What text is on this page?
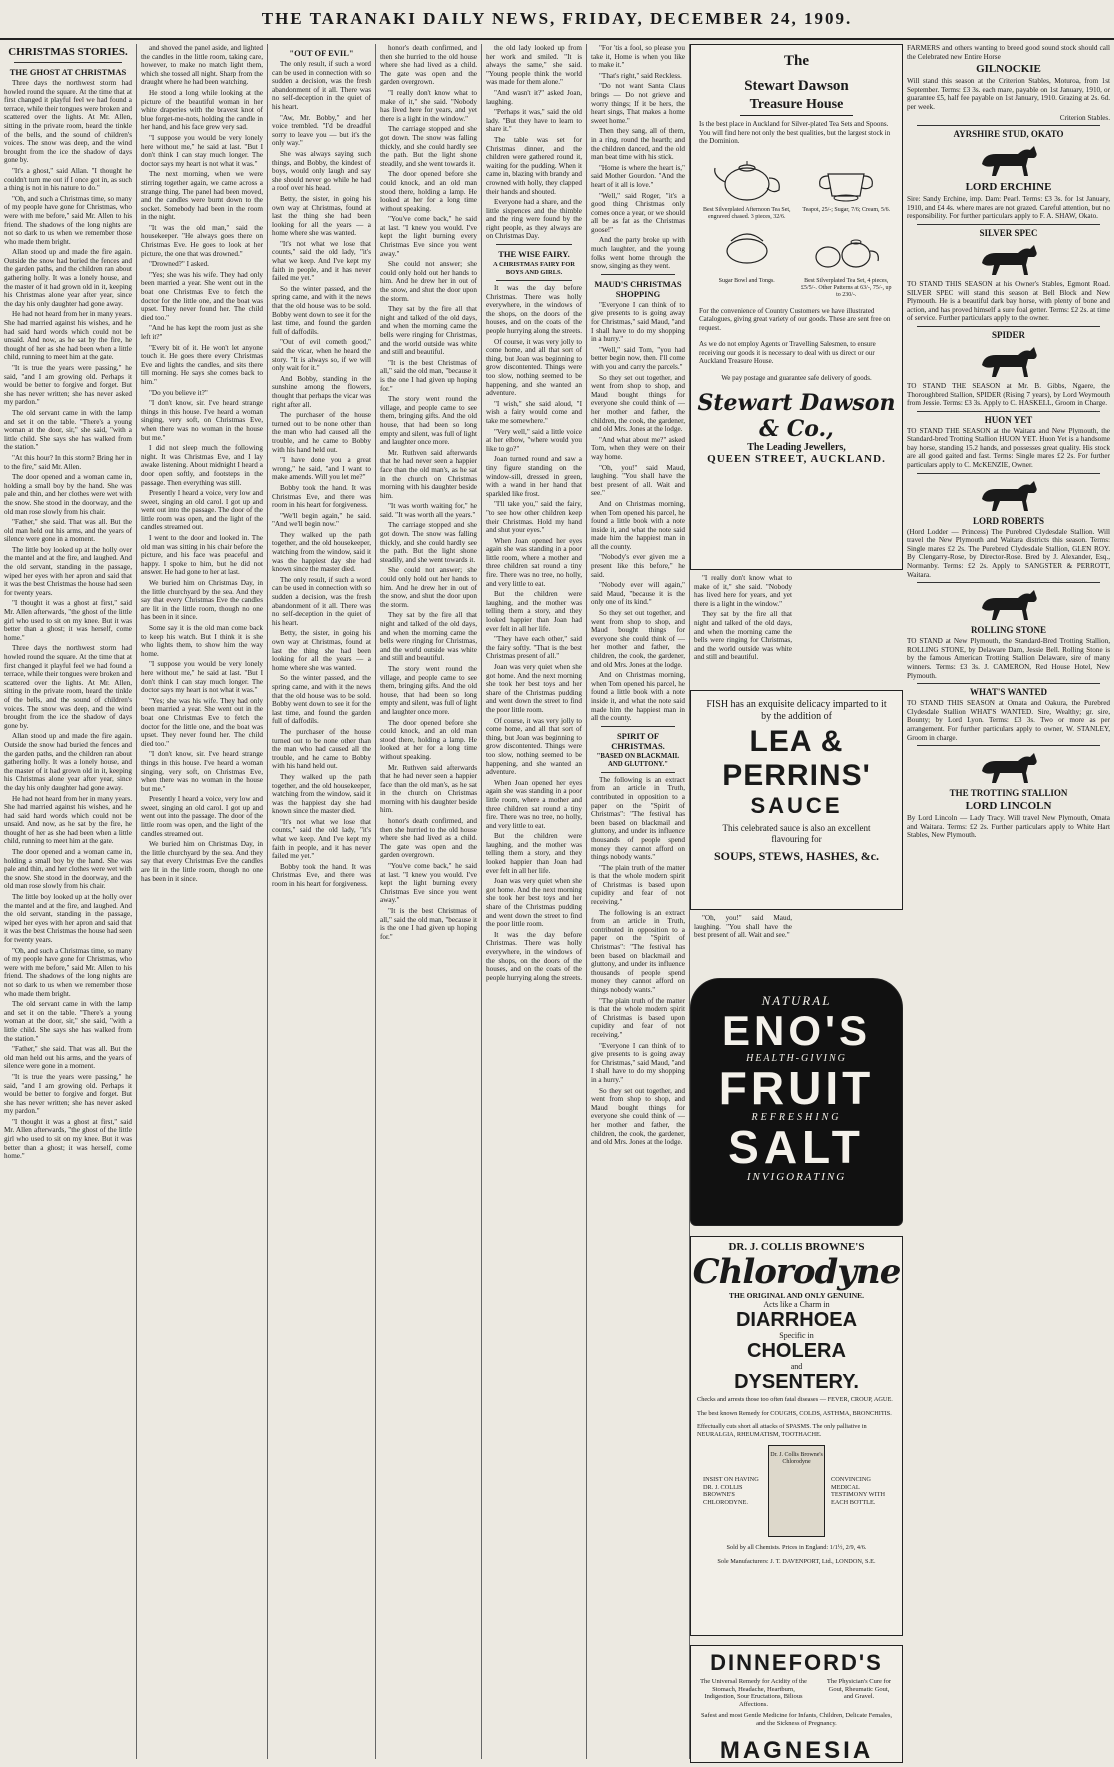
THE TARANAKI DAILY NEWS, FRIDAY, DECEMBER 24, 1909.
CHRISTMAS STORIES.
THE GHOST AT CHRISTMAS

Three days the northwest storm had howled round the square. At the time that at first changed it playful feel we had found a terrace, while their tongues were broken and scattered over the lights. At Mr. Allen, sitting in the private room, heard the tinkle of the bells, and the sound of children's voices. The snow was deep, and the wind brought from the ice the shadow of days gone by.

"It's a ghost," said Allan. "I thought he couldn't turn me out if I once got in, as such a thing is not in his nature to do."

"Oh, and such a Christmas time, so many of my people have gone for Christmas, who were with me before," said Mr. Allen to his friend. The shadows of the long nights are not so dark to us when we remember those who made them bright.

Allan stood up and made the fire again. Outside the snow had buried the fences and the garden paths, and the children ran about gathering holly. It was a lonely house, and the master of it had grown old in it, keeping his Christmas alone year after year, since the day his only daughter had gone away.

He had not heard from her in many years. She had married against his wishes, and he had said hard words which could not be unsaid. And now, as he sat by the fire, he thought of her as she had been when a little child, running to meet him at the gate.

"It is true the years were passing," he said, "and I am growing old. Perhaps it would be better to forgive and forget. But she has never written; she has never asked my pardon."

The old servant came in with the lamp and set it on the table. "There's a young woman at the door, sir," she said, "with a little child. She says she has walked from the station."

"At this hour? In this storm? Bring her in to the fire," said Mr. Allen.

The door opened and a woman came in, holding a small boy by the hand. She was pale and thin, and her clothes were wet with the snow. She stood in the doorway, and the old man rose slowly from his chair.

"Father," she said. That was all. But the old man held out his arms, and the years of silence were gone in a moment.

The little boy looked up at the holly over the mantel and at the fire, and laughed. And the old servant, standing in the passage, wiped her eyes with her apron and said that it was the best Christmas the house had seen for twenty years.

"I thought it was a ghost at first," said Mr. Allen afterwards, "the ghost of the little girl who used to sit on my knee. But it was better than a ghost; it was herself, come home."

Three days the northwest storm had howled round the square. At the time that at first changed it playful feel we had found a terrace, while their tongues were broken and scattered over the lights. At Mr. Allen, sitting in the private room, heard the tinkle of the bells, and the sound of children's voices. The snow was deep, and the wind brought from the ice the shadow of days gone by.

Allan stood up and made the fire again. Outside the snow had buried the fences and the garden paths, and the children ran about gathering holly. It was a lonely house, and the master of it had grown old in it, keeping his Christmas alone year after year, since the day his only daughter had gone away.

He had not heard from her in many years. She had married against his wishes, and he had said hard words which could not be unsaid. And now, as he sat by the fire, he thought of her as she had been when a little child, running to meet him at the gate.

The door opened and a woman came in, holding a small boy by the hand. She was pale and thin, and her clothes were wet with the snow. She stood in the doorway, and the old man rose slowly from his chair.

The little boy looked up at the holly over the mantel and at the fire, and laughed. And the old servant, standing in the passage, wiped her eyes with her apron and said that it was the best Christmas the house had seen for twenty years.

"Oh, and such a Christmas time, so many of my people have gone for Christmas, who were with me before," said Mr. Allen to his friend. The shadows of the long nights are not so dark to us when we remember those who made them bright.

The old servant came in with the lamp and set it on the table. "There's a young woman at the door, sir," she said, "with a little child. She says she has walked from the station."

"Father," she said. That was all. But the old man held out his arms, and the years of silence were gone in a moment.

"It is true the years were passing," he said, "and I am growing old. Perhaps it would be better to forgive and forget. But she has never written; she has never asked my pardon."

"I thought it was a ghost at first," said Mr. Allen afterwards, "the ghost of the little girl who used to sit on my knee. But it was better than a ghost; it was herself, come home."

and shoved the panel aside, and lighted the candles in the little room, taking care, however, to make no match light them, which she tossed all night. Sharp from the draught where he had been watching.

He stood a long while looking at the picture of the beautiful woman in her white draperies with the bravest knot of blue forget-me-nots, holding the candle in her hand, and his face grew very sad.

"I suppose you would be very lonely here without me," he said at last. "But I don't think I can stay much longer. The doctor says my heart is not what it was."

The next morning, when we were stirring together again, we came across a strange thing. The panel had been moved, and the candles were burnt down to the socket. Somebody had been in the room in the night.

"It was the old man," said the housekeeper. "He always goes there on Christmas Eve. He goes to look at her picture, the one that was drowned."

"Drowned?" I asked.

"Yes; she was his wife. They had only been married a year. She went out in the boat one Christmas Eve to fetch the doctor for the little one, and the boat was upset. They never found her. The child died too."

"And he has kept the room just as she left it?"

"Every bit of it. He won't let anyone touch it. He goes there every Christmas Eve and lights the candles, and sits there till morning. He says she comes back to him."

"Do you believe it?"

"I don't know, sir. I've heard strange things in this house. I've heard a woman singing, very soft, on Christmas Eve, when there was no woman in the house but me."

I did not sleep much the following night. It was Christmas Eve, and I lay awake listening. About midnight I heard a door open softly, and footsteps in the passage. Then everything was still.

Presently I heard a voice, very low and sweet, singing an old carol. I got up and went out into the passage. The door of the little room was open, and the light of the candles streamed out.

I went to the door and looked in. The old man was sitting in his chair before the picture, and his face was peaceful and happy. I spoke to him, but he did not answer. He had gone to her at last.

We buried him on Christmas Day, in the little churchyard by the sea. And they say that every Christmas Eve the candles are lit in the little room, though no one has been in it since.

Some say it is the old man come back to keep his watch. But I think it is she who lights them, to show him the way home.

"I suppose you would be very lonely here without me," he said at last. "But I don't think I can stay much longer. The doctor says my heart is not what it was."

"Yes; she was his wife. They had only been married a year. She went out in the boat one Christmas Eve to fetch the doctor for the little one, and the boat was upset. They never found her. The child died too."

"I don't know, sir. I've heard strange things in this house. I've heard a woman singing, very soft, on Christmas Eve, when there was no woman in the house but me."

Presently I heard a voice, very low and sweet, singing an old carol. I got up and went out into the passage. The door of the little room was open, and the light of the candles streamed out.

We buried him on Christmas Day, in the little churchyard by the sea. And they say that every Christmas Eve the candles are lit in the little room, though no one has been in it since.

"OUT OF EVIL"

The only result, if such a word can be used in connection with so sudden a decision, was the fresh abandonment of it all. There was no self-deception in the quiet of his heart.

"Aw, Mr. Bobby," and her voice trembled. "I'd be dreadful sorry to leave you — but it's the only way."

She was always saying such things, and Bobby, the kindest of boys, would only laugh and say she should never go while he had a roof over his head.

Betty, the sister, in going his own way at Christmas, found at last the thing she had been looking for all the years — a home where she was wanted.

"It's not what we lose that counts," said the old lady, "it's what we keep. And I've kept my faith in people, and it has never failed me yet."

So the winter passed, and the spring came, and with it the news that the old house was to be sold. Bobby went down to see it for the last time, and found the garden full of daffodils.

"Out of evil cometh good," said the vicar, when he heard the story. "It is always so, if we will only wait for it."

And Bobby, standing in the sunshine among the flowers, thought that perhaps the vicar was right after all.

The purchaser of the house turned out to be none other than the man who had caused all the trouble, and he came to Bobby with his hand held out.

"I have done you a great wrong," he said, "and I want to make amends. Will you let me?"

Bobby took the hand. It was Christmas Eve, and there was room in his heart for forgiveness.

"We'll begin again," he said. "And we'll begin now."

They walked up the path together, and the old housekeeper, watching from the window, said it was the happiest day she had known since the master died.

The only result, if such a word can be used in connection with so sudden a decision, was the fresh abandonment of it all. There was no self-deception in the quiet of his heart.

Betty, the sister, in going his own way at Christmas, found at last the thing she had been looking for all the years — a home where she was wanted.

So the winter passed, and the spring came, and with it the news that the old house was to be sold. Bobby went down to see it for the last time, and found the garden full of daffodils.

The purchaser of the house turned out to be none other than the man who had caused all the trouble, and he came to Bobby with his hand held out.

They walked up the path together, and the old housekeeper, watching from the window, said it was the happiest day she had known since the master died.

"It's not what we lose that counts," said the old lady, "it's what we keep. And I've kept my faith in people, and it has never failed me yet."

Bobby took the hand. It was Christmas Eve, and there was room in his heart for forgiveness.

honor's death confirmed, and then she hurried to the old house where she had lived as a child. The gate was open and the garden overgrown.

"I really don't know what to make of it," she said. "Nobody has lived here for years, and yet there is a light in the window."

The carriage stopped and she got down. The snow was falling thickly, and she could hardly see the path. But the light shone steadily, and she went towards it.

The door opened before she could knock, and an old man stood there, holding a lamp. He looked at her for a long time without speaking.

"You've come back," he said at last. "I knew you would. I've kept the light burning every Christmas Eve since you went away."

She could not answer; she could only hold out her hands to him. And he drew her in out of the snow, and shut the door upon the storm.

They sat by the fire all that night and talked of the old days, and when the morning came the bells were ringing for Christmas, and the world outside was white and still and beautiful.

"It is the best Christmas of all," said the old man, "because it is the one I had given up hoping for."

The story went round the village, and people came to see them, bringing gifts. And the old house, that had been so long empty and silent, was full of light and laughter once more.

Mr. Ruthven said afterwards that he had never seen a happier face than the old man's, as he sat in the church on Christmas morning with his daughter beside him.

"It was worth waiting for," he said. "It was worth all the years."

The carriage stopped and she got down. The snow was falling thickly, and she could hardly see the path. But the light shone steadily, and she went towards it.

She could not answer; she could only hold out her hands to him. And he drew her in out of the snow, and shut the door upon the storm.

They sat by the fire all that night and talked of the old days, and when the morning came the bells were ringing for Christmas, and the world outside was white and still and beautiful.

The story went round the village, and people came to see them, bringing gifts. And the old house, that had been so long empty and silent, was full of light and laughter once more.

The door opened before she could knock, and an old man stood there, holding a lamp. He looked at her for a long time without speaking.

Mr. Ruthven said afterwards that he had never seen a happier face than the old man's, as he sat in the church on Christmas morning with his daughter beside him.

honor's death confirmed, and then she hurried to the old house where she had lived as a child. The gate was open and the garden overgrown.

"You've come back," he said at last. "I knew you would. I've kept the light burning every Christmas Eve since you went away."

"It is the best Christmas of all," said the old man, "because it is the one I had given up hoping for."

the old lady looked up from her work and smiled. "It is always the same," she said. "Young people think the world was made for them alone."

"And wasn't it?" asked Joan, laughing.

"Perhaps it was," said the old lady. "But they have to learn to share it."

The table was set for Christmas dinner, and the children were gathered round it, waiting for the pudding. When it came in, blazing with brandy and crowned with holly, they clapped their hands and shouted.

Everyone had a share, and the little sixpences and the thimble and the ring were found by the right people, as they always are on Christmas Day.

THE WISE FAIRY.
A CHRISTMAS FAIRY FOR BOYS AND GIRLS.

It was the day before Christmas. There was holly everywhere, in the windows of the shops, on the doors of the houses, and on the coats of the people hurrying along the streets.

Of course, it was very jolly to come home, and all that sort of thing, but Joan was beginning to grow discontented. Things were too slow, nothing seemed to be happening, and she wanted an adventure.

"I wish," she said aloud, "I wish a fairy would come and take me somewhere."

"Very well," said a little voice at her elbow, "where would you like to go?"

Joan turned round and saw a tiny figure standing on the window-sill, dressed in green, with a wand in her hand that sparkled like frost.

"I'll take you," said the fairy, "to see how other children keep their Christmas. Hold my hand and shut your eyes."

When Joan opened her eyes again she was standing in a poor little room, where a mother and three children sat round a tiny fire. There was no tree, no holly, and very little to eat.

But the children were laughing, and the mother was telling them a story, and they looked happier than Joan had ever felt in all her life.

"They have each other," said the fairy softly. "That is the best Christmas present of all."

Joan was very quiet when she got home. And the next morning she took her best toys and her share of the Christmas pudding and went down the street to find the poor little room.

Of course, it was very jolly to come home, and all that sort of thing, but Joan was beginning to grow discontented. Things were too slow, nothing seemed to be happening, and she wanted an adventure.

When Joan opened her eyes again she was standing in a poor little room, where a mother and three children sat round a tiny fire. There was no tree, no holly, and very little to eat.

But the children were laughing, and the mother was telling them a story, and they looked happier than Joan had ever felt in all her life.

Joan was very quiet when she got home. And the next morning she took her best toys and her share of the Christmas pudding and went down the street to find the poor little room.

It was the day before Christmas. There was holly everywhere, in the windows of the shops, on the doors of the houses, and on the coats of the people hurrying along the streets.

"For 'tis a fool, so please you take it, Home is when you like to make it."

"That's right," said Reckless.

"Do not want Santa Claus brings — Do not grieve and worry things; If it be hers, the heart sings, That makes a home sweet home."

Then they sang, all of them, in a ring, round the hearth; and the children danced, and the old man beat time with his stick.

"Home is where the heart is," said Mother Gourdon. "And the heart of it all is love."

"Well," said Roger, "it's a good thing Christmas only comes once a year, or we should all be as fat as the Christmas goose!"

And the party broke up with much laughter, and the young folks went home through the snow, singing as they went.

MAUD'S CHRISTMAS SHOPPING

"Everyone I can think of to give presents to is going away for Christmas," said Maud, "and I shall have to do my shopping in a hurry."

"Well," said Tom, "you had better begin now, then. I'll come with you and carry the parcels."

So they set out together, and went from shop to shop, and Maud bought things for everyone she could think of — her mother and father, the children, the cook, the gardener, and old Mrs. Jones at the lodge.

"And what about me?" asked Tom, when they were on their way home.

"Oh, you!" said Maud, laughing. "You shall have the best present of all. Wait and see."

And on Christmas morning, when Tom opened his parcel, he found a little book with a note inside it, and what the note said made him the happiest man in all the county.

"Nobody's ever given me a present like this before," he said.

"Nobody ever will again," said Maud, "because it is the only one of its kind."

So they set out together, and went from shop to shop, and Maud bought things for everyone she could think of — her mother and father, the children, the cook, the gardener, and old Mrs. Jones at the lodge.

And on Christmas morning, when Tom opened his parcel, he found a little book with a note inside it, and what the note said made him the happiest man in all the county.

SPIRIT OF CHRISTMAS.
"BASED ON BLACKMAIL AND GLUTTONY."

The following is an extract from an article in Truth, contributed in opposition to a paper on the "Spirit of Christmas": "The festival has been based on blackmail and gluttony, and under its influence thousands of people spend money they cannot afford on things nobody wants."

"The plain truth of the matter is that the whole modern spirit of Christmas is based upon cupidity and fear of not receiving."

The following is an extract from an article in Truth, contributed in opposition to a paper on the "Spirit of Christmas": "The festival has been based on blackmail and gluttony, and under its influence thousands of people spend money they cannot afford on things nobody wants."

"The plain truth of the matter is that the whole modern spirit of Christmas is based upon cupidity and fear of not receiving."

"Everyone I can think of to give presents to is going away for Christmas," said Maud, "and I shall have to do my shopping in a hurry."

So they set out together, and went from shop to shop, and Maud bought things for everyone she could think of — her mother and father, the children, the cook, the gardener, and old Mrs. Jones at the lodge.

"I really don't know what to make of it," she said. "Nobody has lived here for years, and yet there is a light in the window."

They sat by the fire all that night and talked of the old days, and when the morning came the bells were ringing for Christmas, and the world outside was white and still and beautiful.

"Oh, you!" said Maud, laughing. "You shall have the best present of all. Wait and see."

The
Stewart Dawson
Treasure House
Is the best place in Auckland for Silver-plated Tea Sets and Spoons. You will find here not only the best qualities, but the largest stock in the Dominion.
Best Silverplated Afternoon Tea Set, engraved chased. 3 pieces, 32/6.
Teapot, 25/-; Sugar, 7/6; Cream, 5/6.
Sugar Bowl and Tongs.	Best Silverplated Tea Set, 4 pieces, £5/5/-. Other Patterns at 63/-, 75/-, up to 230/-.
For the convenience of Country Customers we have illustrated Catalogues, giving great variety of our goods. These are sent free on request.
As we do not employ Agents or Travelling Salesmen, to ensure receiving our goods it is necessary to deal with us direct or our Auckland Treasure House.
We pay postage and guarantee safe delivery of goods.
Stewart Dawson & Co.,
The Leading Jewellers,
QUEEN STREET, AUCKLAND.
FISH has an exquisite delicacy imparted to it by the addition of
LEA & PERRINS'
SAUCE
This celebrated sauce is also an excellent flavouring for
SOUPS, STEWS, HASHES, &c.
NATURAL
ENO'S
HEALTH-GIVING
FRUIT
REFRESHING
SALT
INVIGORATING
DR. J. COLLIS BROWNE'S
Chlorodyne
THE ORIGINAL AND ONLY GENUINE.
Acts like a Charm in
DIARRHOEA
Specific in
CHOLERA
and
DYSENTERY.
Checks and arrests those too often fatal diseases — FEVER, CROUP, AGUE.
The best known Remedy for COUGHS, COLDS, ASTHMA, BRONCHITIS.
Effectually cuts short all attacks of SPASMS. The only palliative in NEURALGIA, RHEUMATISM, TOOTHACHE.
INSIST ON HAVING DR. J. COLLIS BROWNE'S CHLORODYNE.
Dr. J. Collis Browne's Chlorodyne
CONVINCING MEDICAL TESTIMONY WITH EACH BOTTLE.
Sold by all Chemists. Prices in England: 1/1½, 2/9, 4/6.
Sole Manufacturers: J. T. DAVENPORT, Ltd., LONDON, S.E.
DINNEFORD'S
The Universal Remedy for Acidity of the Stomach, Headache, Heartburn, Indigestion, Sour Eructations, Bilious Affections.
The Physician's Cure for Gout, Rheumatic Gout, and Gravel.
Safest and most Gentle Medicine for Infants, Children, Delicate Females, and the Sickness of Pregnancy.
MAGNESIA

FARMERS and others wanting to breed good sound stock should call the Celebrated new Entire Horse

GILNOCKIE

Will stand this season at the Criterion Stables, Moturoa, from 1st September. Terms: £3 3s. each mare, payable on 1st January, 1910, or guarantee £5, half fee payable on 1st January, 1910. Grazing at 2s. 6d. per week.

Criterion Stables.

AYRSHIRE STUD, OKATO
LORD ERCHINE

Sire: Sandy Erchine, imp. Dam: Pearl. Terms: £3 3s. for 1st January, 1910, and £4 4s. where mares are not grazed. Careful attention, but no responsibility. For further particulars apply to F. A. SHAW, Okato.

SILVER SPEC

TO STAND THIS SEASON at his Owner's Stables, Egmont Road. SILVER SPEC will stand this season at Bell Block and New Plymouth. He is a beautiful dark bay horse, with plenty of bone and action, and has proved himself a sure foal getter. Terms: £2 2s. at time of service. Further particulars apply to the owner.

SPIDER

TO STAND THE SEASON at Mr. B. Gibbs, Ngaere, the Thoroughbred Stallion, SPIDER (Rising 7 years), by Lord Weymouth from Jessie. Terms: £3 3s. Apply to C. HASKELL, Groom in Charge.

HUON YET

TO STAND THE SEASON at the Waitara and New Plymouth, the Standard-bred Trotting Stallion HUON YET. Huon Yet is a handsome bay horse, standing 15.2 hands, and possesses great quality. His stock are all good gaited and fast. Terms: Single mares £2 2s. For further particulars apply to C. McKENZIE, Owner.

LORD ROBERTS

(Hord Lodder — Princess) The Purebred Clydesdale Stallion. Will travel the New Plymouth and Waitara districts this season. Terms: Single mares £2 2s. The Purebred Clydesdale Stallion, GLEN ROY. By Clengarry-Rose, by Director-Rose. Bred by J. Alexander, Esq., Normanby. Terms: £2 2s. Apply to SANGSTER & PERROTT, Waitara.

ROLLING STONE

TO STAND at New Plymouth, the Standard-Bred Trotting Stallion, ROLLING STONE, by Delaware Dam, Jessie Bell. Rolling Stone is by the famous American Trotting Stallion Delaware, sire of many winners. Terms: £3 3s. J. CAMERON, Red House Hotel, New Plymouth.

WHAT'S WANTED

TO STAND THIS SEASON at Omata and Oakura, the Purebred Clydesdale Stallion WHAT'S WANTED. Sire, Wealthy; gr. sire, Bounty; by Lord Lyon. Terms: £3 3s. Two or more as per arrangement. For further particulars apply to owner, W. STANLEY, Groom in charge.

THE TROTTING STALLION
LORD LINCOLN

By Lord Lincoln — Lady Tracy. Will travel New Plymouth, Omata and Waitara. Terms: £2 2s. Further particulars apply to White Hart Stables, New Plymouth.
